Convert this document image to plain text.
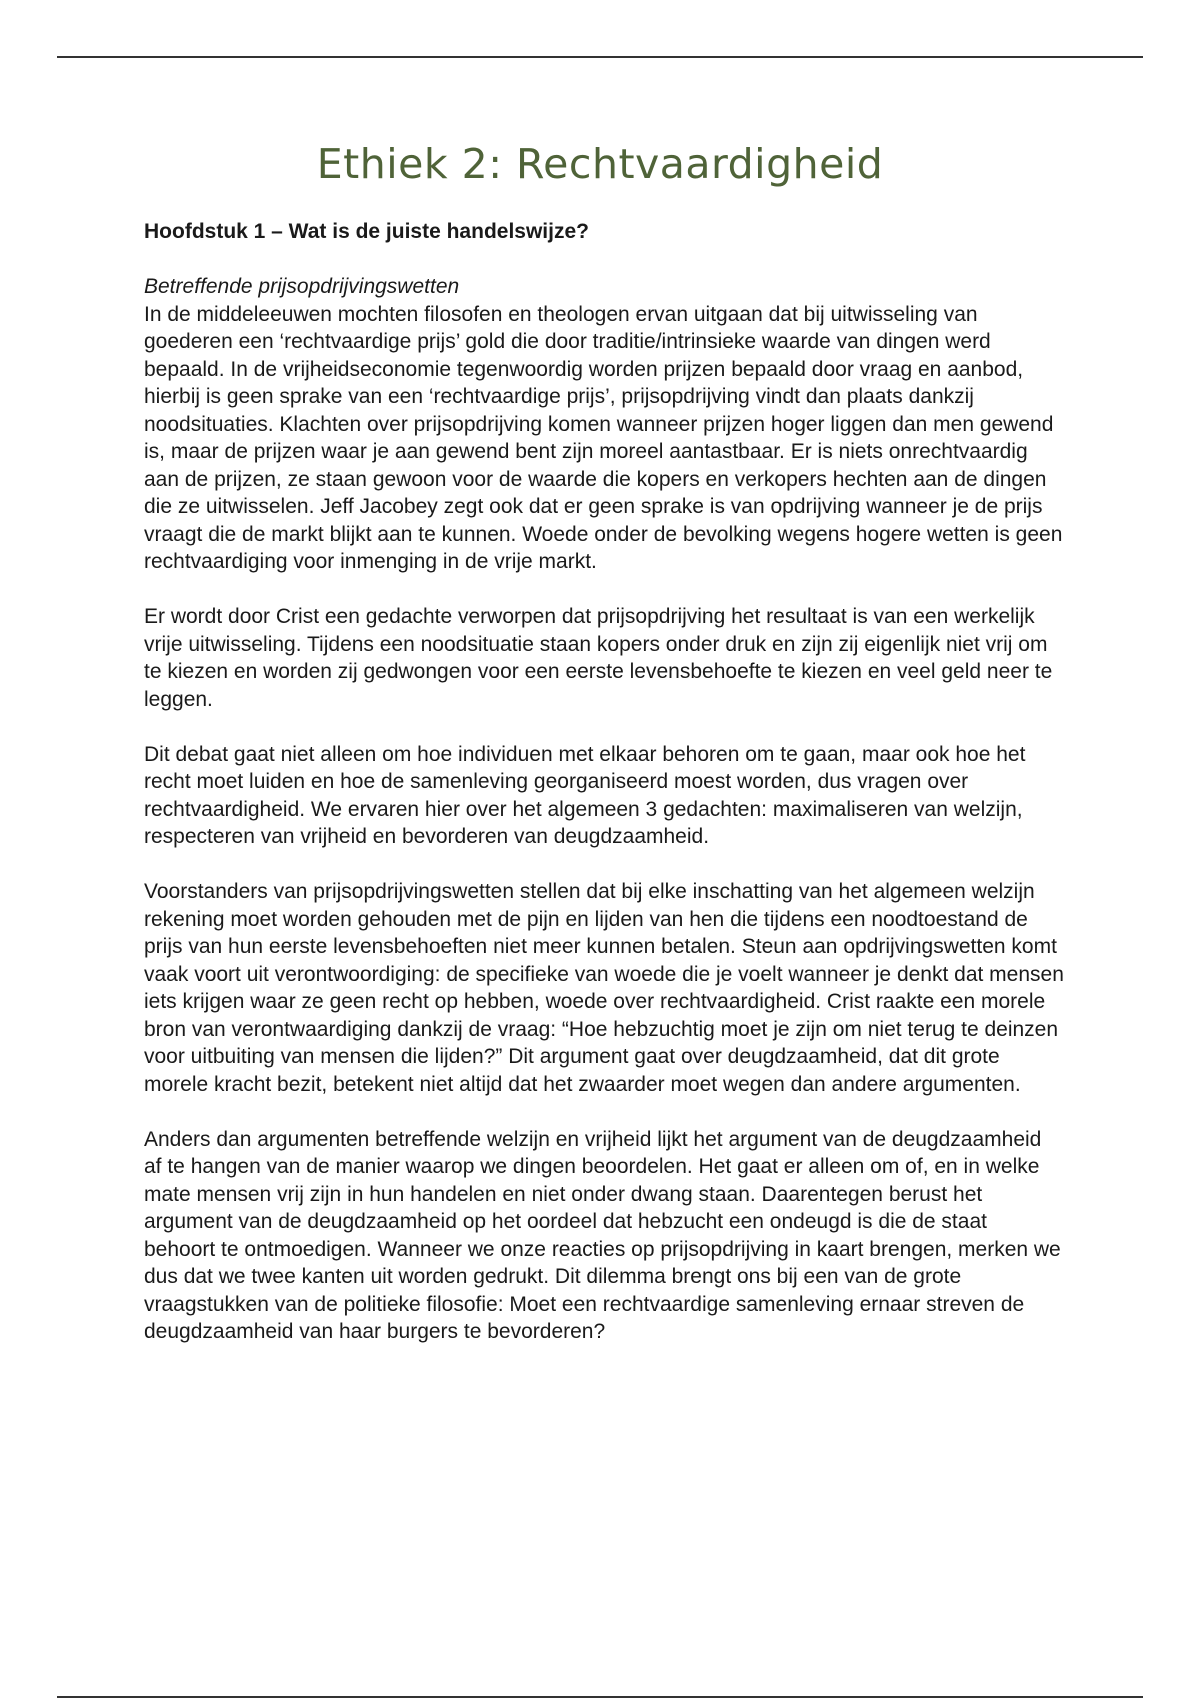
Ethiek 2: Rechtvaardigheid

Hoofdstuk 1 – Wat is de juiste handelswijze?

Betreffende prijsopdrijvingswetten

In de middeleeuwen mochten filosofen en theologen ervan uitgaan dat bij uitwisseling van goederen een ‘rechtvaardige prijs’ gold die door traditie/intrinsieke waarde van dingen werd bepaald. In de vrijheidseconomie tegenwoordig worden prijzen bepaald door vraag en aanbod, hierbij is geen sprake van een ‘rechtvaardige prijs’, prijsopdrijving vindt dan plaats dankzij noodsituaties. Klachten over prijsopdrijving komen wanneer prijzen hoger liggen dan men gewend is, maar de prijzen waar je aan gewend bent zijn moreel aantastbaar. Er is niets onrechtvaardig aan de prijzen, ze staan gewoon voor de waarde die kopers en verkopers hechten aan de dingen die ze uitwisselen. Jeff Jacobey zegt ook dat er geen sprake is van opdrijving wanneer je de prijs vraagt die de markt blijkt aan te kunnen. Woede onder de bevolking wegens hogere wetten is geen rechtvaardiging voor inmenging in de vrije markt.

Er wordt door Crist een gedachte verworpen dat prijsopdrijving het resultaat is van een werkelijk vrije uitwisseling. Tijdens een noodsituatie staan kopers onder druk en zijn zij eigenlijk niet vrij om te kiezen en worden zij gedwongen voor een eerste levensbehoefte te kiezen en veel geld neer te leggen.

Dit debat gaat niet alleen om hoe individuen met elkaar behoren om te gaan, maar ook hoe het recht moet luiden en hoe de samenleving georganiseerd moest worden, dus vragen over rechtvaardigheid. We ervaren hier over het algemeen 3 gedachten: maximaliseren van welzijn, respecteren van vrijheid en bevorderen van deugdzaamheid.

Voorstanders van prijsopdrijvingswetten stellen dat bij elke inschatting van het algemeen welzijn rekening moet worden gehouden met de pijn en lijden van hen die tijdens een noodtoestand de prijs van hun eerste levensbehoeften niet meer kunnen betalen. Steun aan opdrijvingswetten komt vaak voort uit verontwoordiging: de specifieke van woede die je voelt wanneer je denkt dat mensen iets krijgen waar ze geen recht op hebben, woede over rechtvaardigheid. Crist raakte een morele bron van verontwaardiging dankzij de vraag: “Hoe hebzuchtig moet je zijn om niet terug te deinzen voor uitbuiting van mensen die lijden?” Dit argument gaat over deugdzaamheid, dat dit grote morele kracht bezit, betekent niet altijd dat het zwaarder moet wegen dan andere argumenten.

Anders dan argumenten betreffende welzijn en vrijheid lijkt het argument van de deugdzaamheid af te hangen van de manier waarop we dingen beoordelen. Het gaat er alleen om of, en in welke mate mensen vrij zijn in hun handelen en niet onder dwang staan. Daarentegen berust het argument van de deugdzaamheid op het oordeel dat hebzucht een ondeugd is die de staat behoort te ontmoedigen. Wanneer we onze reacties op prijsopdrijving in kaart brengen, merken we dus dat we twee kanten uit worden gedrukt. Dit dilemma brengt ons bij een van de grote vraagstukken van de politieke filosofie: Moet een rechtvaardige samenleving ernaar streven de deugdzaamheid van haar burgers te bevorderen?
